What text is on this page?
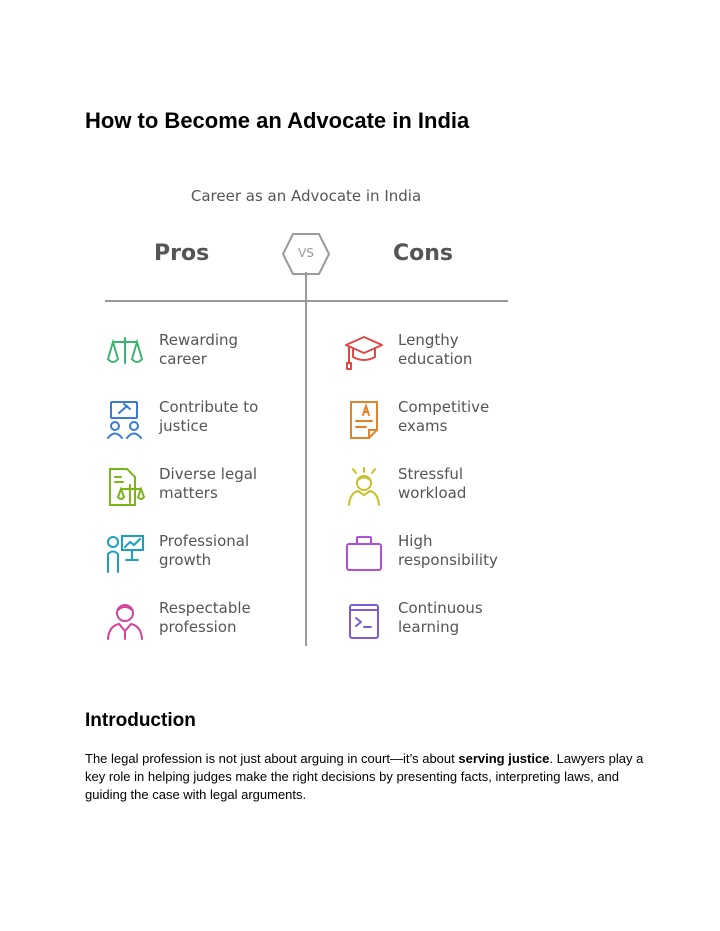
How to Become an Advocate in India
Career as an Advocate in India
Pros	Cons
VS
Rewarding
career
Contribute to
justice
Diverse legal
matters
Professional
growth
Respectable
profession
Lengthy
education
Competitive
exams
Stressful
workload
High
responsibility
Continuous
learning
Introduction

The legal profession is not just about arguing in court—it’s about serving justice. Lawyers play a key role in helping judges make the right decisions by presenting facts, interpreting laws, and guiding the case with legal arguments.
